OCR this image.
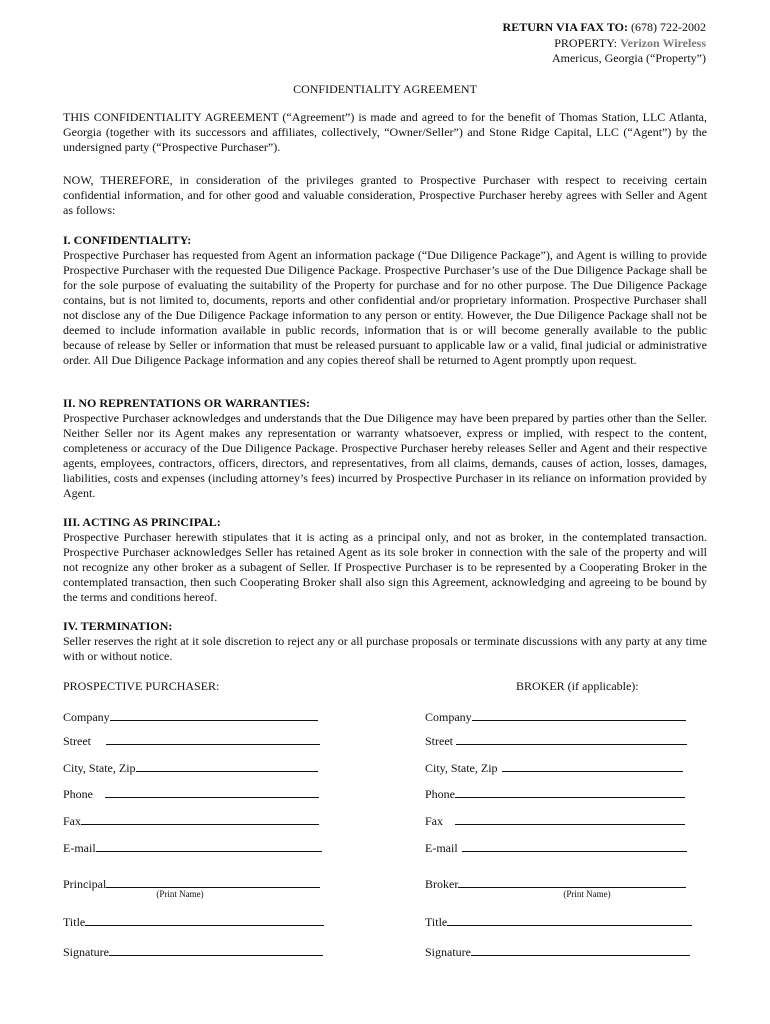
RETURN VIA FAX TO: (678) 722-2002
PROPERTY: Verizon Wireless
Americus, Georgia (“Property”)
CONFIDENTIALITY AGREEMENT

THIS CONFIDENTIALITY AGREEMENT (“Agreement”) is made and agreed to for the benefit of Thomas Station, LLC Atlanta, Georgia (together with its successors and affiliates, collectively, “Owner/Seller”) and Stone Ridge Capital, LLC (“Agent”) by the undersigned party (“Prospective Purchaser”).

NOW, THEREFORE, in consideration of the privileges granted to Prospective Purchaser with respect to receiving certain confidential information, and for other good and valuable consideration, Prospective Purchaser hereby agrees with Seller and Agent as follows:

I. CONFIDENTIALITY:
Prospective Purchaser has requested from Agent an information package (“Due Diligence Package”), and Agent is willing to provide Prospective Purchaser with the requested Due Diligence Package. Prospective Purchaser’s use of the Due Diligence Package shall be for the sole purpose of evaluating the suitability of the Property for purchase and for no other purpose. The Due Diligence Package contains, but is not limited to, documents, reports and other confidential and/or proprietary information. Prospective Purchaser shall not disclose any of the Due Diligence Package information to any person or entity. However, the Due Diligence Package shall not be deemed to include information available in public records, information that is or will become generally available to the public because of release by Seller or information that must be released pursuant to applicable law or a valid, final judicial or administrative order. All Due Diligence Package information and any copies thereof shall be returned to Agent promptly upon request.
II. NO REPRENTATIONS OR WARRANTIES:
Prospective Purchaser acknowledges and understands that the Due Diligence may have been prepared by parties other than the Seller. Neither Seller nor its Agent makes any representation or warranty whatsoever, express or implied, with respect to the content, completeness or accuracy of the Due Diligence Package. Prospective Purchaser hereby releases Seller and Agent and their respective agents, employees, contractors, officers, directors, and representatives, from all claims, demands, causes of action, losses, damages, liabilities, costs and expenses (including attorney’s fees) incurred by Prospective Purchaser in its reliance on information provided by Agent.
III. ACTING AS PRINCIPAL:
Prospective Purchaser herewith stipulates that it is acting as a principal only, and not as broker, in the contemplated transaction. Prospective Purchaser acknowledges Seller has retained Agent as its sole broker in connection with the sale of the property and will not recognize any other broker as a subagent of Seller. If Prospective Purchaser is to be represented by a Cooperating Broker in the contemplated transaction, then such Cooperating Broker shall also sign this Agreement, acknowledging and agreeing to be bound by the terms and conditions hereof.
IV. TERMINATION:
Seller reserves the right at it sole discretion to reject any or all purchase proposals or terminate discussions with any party at any time with or without notice.
PROSPECTIVE PURCHASER:	BROKER (if applicable):
Company
Street
City, State, Zip
Phone
Fax
E-mail
Principal
(Print Name)
Title
Signature
Company
Street
City, State, Zip
Phone
Fax
E-mail
Broker
(Print Name)
Title
Signature
